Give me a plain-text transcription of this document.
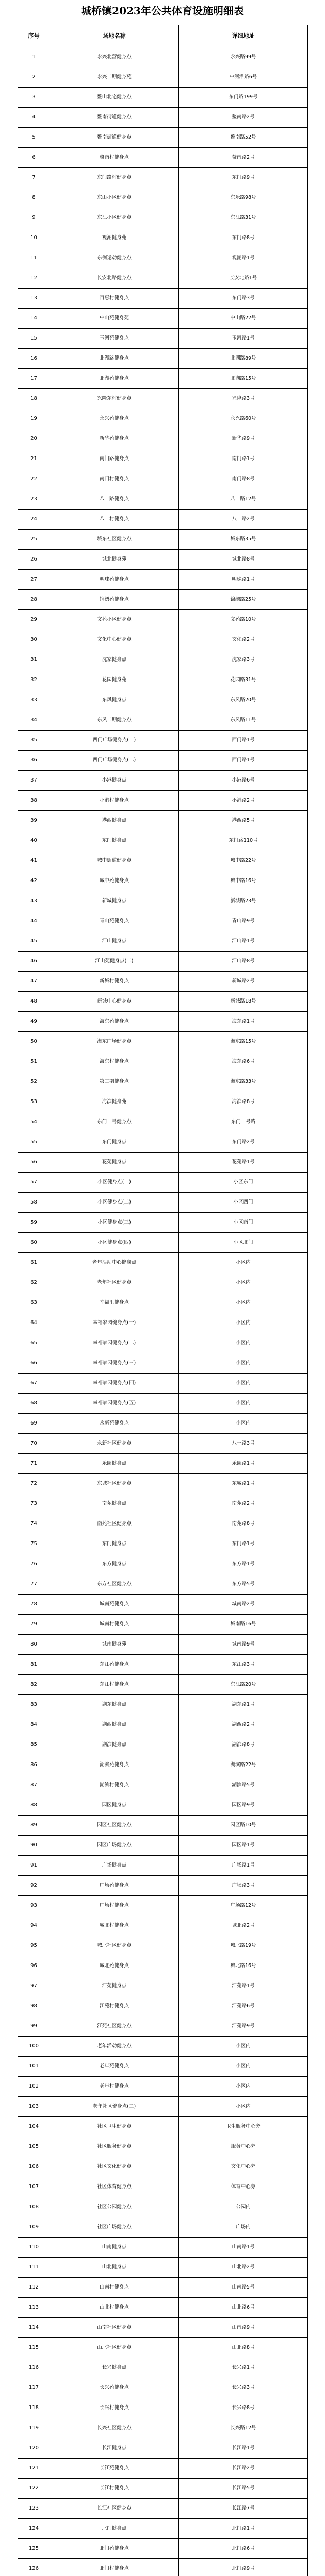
城桥镇2023年公共体育设施明细表
序号	场地名称	详细地址
1	永兴北营健身点	永兴路99号
2	永兴二期健身苑	中河沿路6号
3	鳌山北宅健身点	东门路199号
4	鳌南街道健身点	鳌南路2号
5	鳌南街道健身点	鳌南路52号
6	鳌南村健身点	鳌南路2号
7	东门路村健身点	东门路9号
8	东山小区健身点	东乐路98号
9	东江小区健身点	东江路31号
10	观潮健身苑	东门路8号
11	东侧运动健身点	观潮路1号
12	长安北路健身点	长安北路1号
13	百惠村健身点	东门路3号
14	中山苑健身苑	中山路22号
15	玉河苑健身点	玉河路1号
16	北湖路健身点	北湖路89号
17	北湖苑健身点	北湖路15号
18	兴隆东村健身点	兴隆路3号
19	永兴苑健身点	永兴路60号
20	新华苑健身点	新华路9号
21	南门路健身点	南门路1号
22	南门村健身点	南门路8号
23	八一路健身点	八一路12号
24	八一村健身点	八一路2号
25	城东社区健身点	城东路35号
26	城北健身苑	城北路8号
27	明珠苑健身点	明珠路1号
28	锦绣苑健身点	锦绣路25号
29	文苑小区健身点	文苑路10号
30	文化中心健身点	文化路2号
31	沈家健身点	沈家路3号
32	花园健身苑	花园路31号
33	东风健身点	东风路20号
34	东风二期健身点	东风路11号
35	西门广场健身点(一)	西门路1号
36	西门广场健身点(二)	西门路1号
37	小港健身点	小港路6号
38	小港村健身点	小港路2号
39	港西健身点	港西路5号
40	东门健身点	东门路110号
41	城中街道健身点	城中路22号
42	城中苑健身点	城中路16号
43	新城健身点	新城路23号
44	青山苑健身点	青山路9号
45	江山健身点	江山路1号
46	江山苑健身点(二)	江山路8号
47	新城村健身点	新城路2号
48	新城中心健身点	新城路18号
49	海东苑健身点	海东路1号
50	海东广场健身点	海东路15号
51	海东村健身点	海东路6号
52	第二期健身点	海东路33号
53	海滨健身苑	海滨路8号
54	东门一号健身点	东门一号路
55	东门健身点	东门路2号
56	花苑健身点	花苑路1号
57	小区健身点(一)	小区东门
58	小区健身点(二)	小区西门
59	小区健身点(三)	小区南门
60	小区健身点(四)	小区北门
61	老年活动中心健身点	小区内
62	老年社区健身点	小区内
63	幸福里健身点	小区内
64	幸福家园健身点(一)	小区内
65	幸福家园健身点(二)	小区内
66	幸福家园健身点(三)	小区内
67	幸福家园健身点(四)	小区内
68	幸福家园健身点(五)	小区内
69	永新苑健身点	小区内
70	永新社区健身点	八一路3号
71	乐园健身点	乐园路1号
72	东城社区健身点	东城路1号
73	南苑健身点	南苑路2号
74	南苑社区健身点	南苑路8号
75	东门健身点	东门路1号
76	东方健身点	东方路1号
77	东方社区健身点	东方路5号
78	城南苑健身点	城南路2号
79	城南村健身点	城南路16号
80	城南健身苑	城南路9号
81	东江苑健身点	东江路3号
82	东江村健身点	东江路20号
83	湖东健身点	湖东路1号
84	湖西健身点	湖西路2号
85	湖滨健身点	湖滨路8号
86	湖滨苑健身点	湖滨路22号
87	湖滨村健身点	湖滨路5号
88	园区健身点	园区路9号
89	园区社区健身点	园区路10号
90	园区广场健身点	园区路1号
91	广场健身点	广场路1号
92	广场苑健身点	广场路3号
93	广场村健身点	广场路12号
94	城北村健身点	城北路2号
95	城北社区健身点	城北路19号
96	城北苑健身点	城北路16号
97	江苑健身点	江苑路1号
98	江苑村健身点	江苑路6号
99	江苑社区健身点	江苑路9号
100	老年活动健身点	小区内
101	老年苑健身点	小区内
102	老年村健身点	小区内
103	老年社区健身点(二)	小区内
104	社区卫生健身点	卫生服务中心旁
105	社区服务健身点	服务中心旁
106	社区文化健身点	文化中心旁
107	社区体育健身点	体育中心旁
108	社区公园健身点	公园内
109	社区广场健身点	广场内
110	山南健身点	山南路1号
111	山北健身点	山北路2号
112	山南村健身点	山南路5号
113	山北村健身点	山北路6号
114	山南社区健身点	山南路9号
115	山北社区健身点	山北路8号
116	长兴健身点	长兴路1号
117	长兴苑健身点	长兴路3号
118	长兴村健身点	长兴路8号
119	长兴社区健身点	长兴路12号
120	长江健身点	长江路1号
121	长江苑健身点	长江路2号
122	长江村健身点	长江路5号
123	长江社区健身点	长江路7号
124	北门健身点	北门路1号
125	北门苑健身点	北门路6号
126	北门村健身点	北门路9号
